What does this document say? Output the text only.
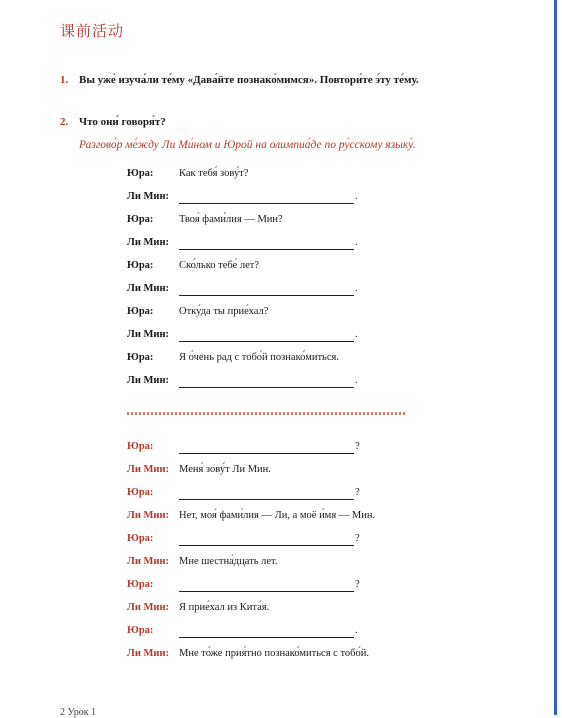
课前活动
1. Вы уже́ изуча́ли те́му «Дава́йте познако́мимся». Повтори́те э́ту те́му.
2. Что они́ говоря́т?
Разгово́р ме́жду Ли Ми́ном и Юрой на олимпиа́де по ру́сскому языку́.
Юра: Как тебя́ зову́т?
Ли Мин:	.
Юра: Твоя́ фами́лия — Мин?
Ли Мин:	.
Юра: Ско́лько тебе́ лет?
Ли Мин:	.
Юра: Отку́да ты прие́хал?
Ли Мин:	.
Юра: Я о́чень рад с тобо́й познако́миться.
Ли Мин:	.
Юра:	?
Ли Мин: Меня́ зову́т Ли Мин.
Юра:	?
Ли Мин: Нет, моя́ фами́лия — Ли, а моё и́мя — Мин.
Юра:	?
Ли Мин: Мне шестна́дцать лет.
Юра:	?
Ли Мин: Я прие́хал из Кита́я.
Юра:	.
Ли Мин: Мне то́же прия́тно познако́миться с тобо́й.
2 Урок 1
